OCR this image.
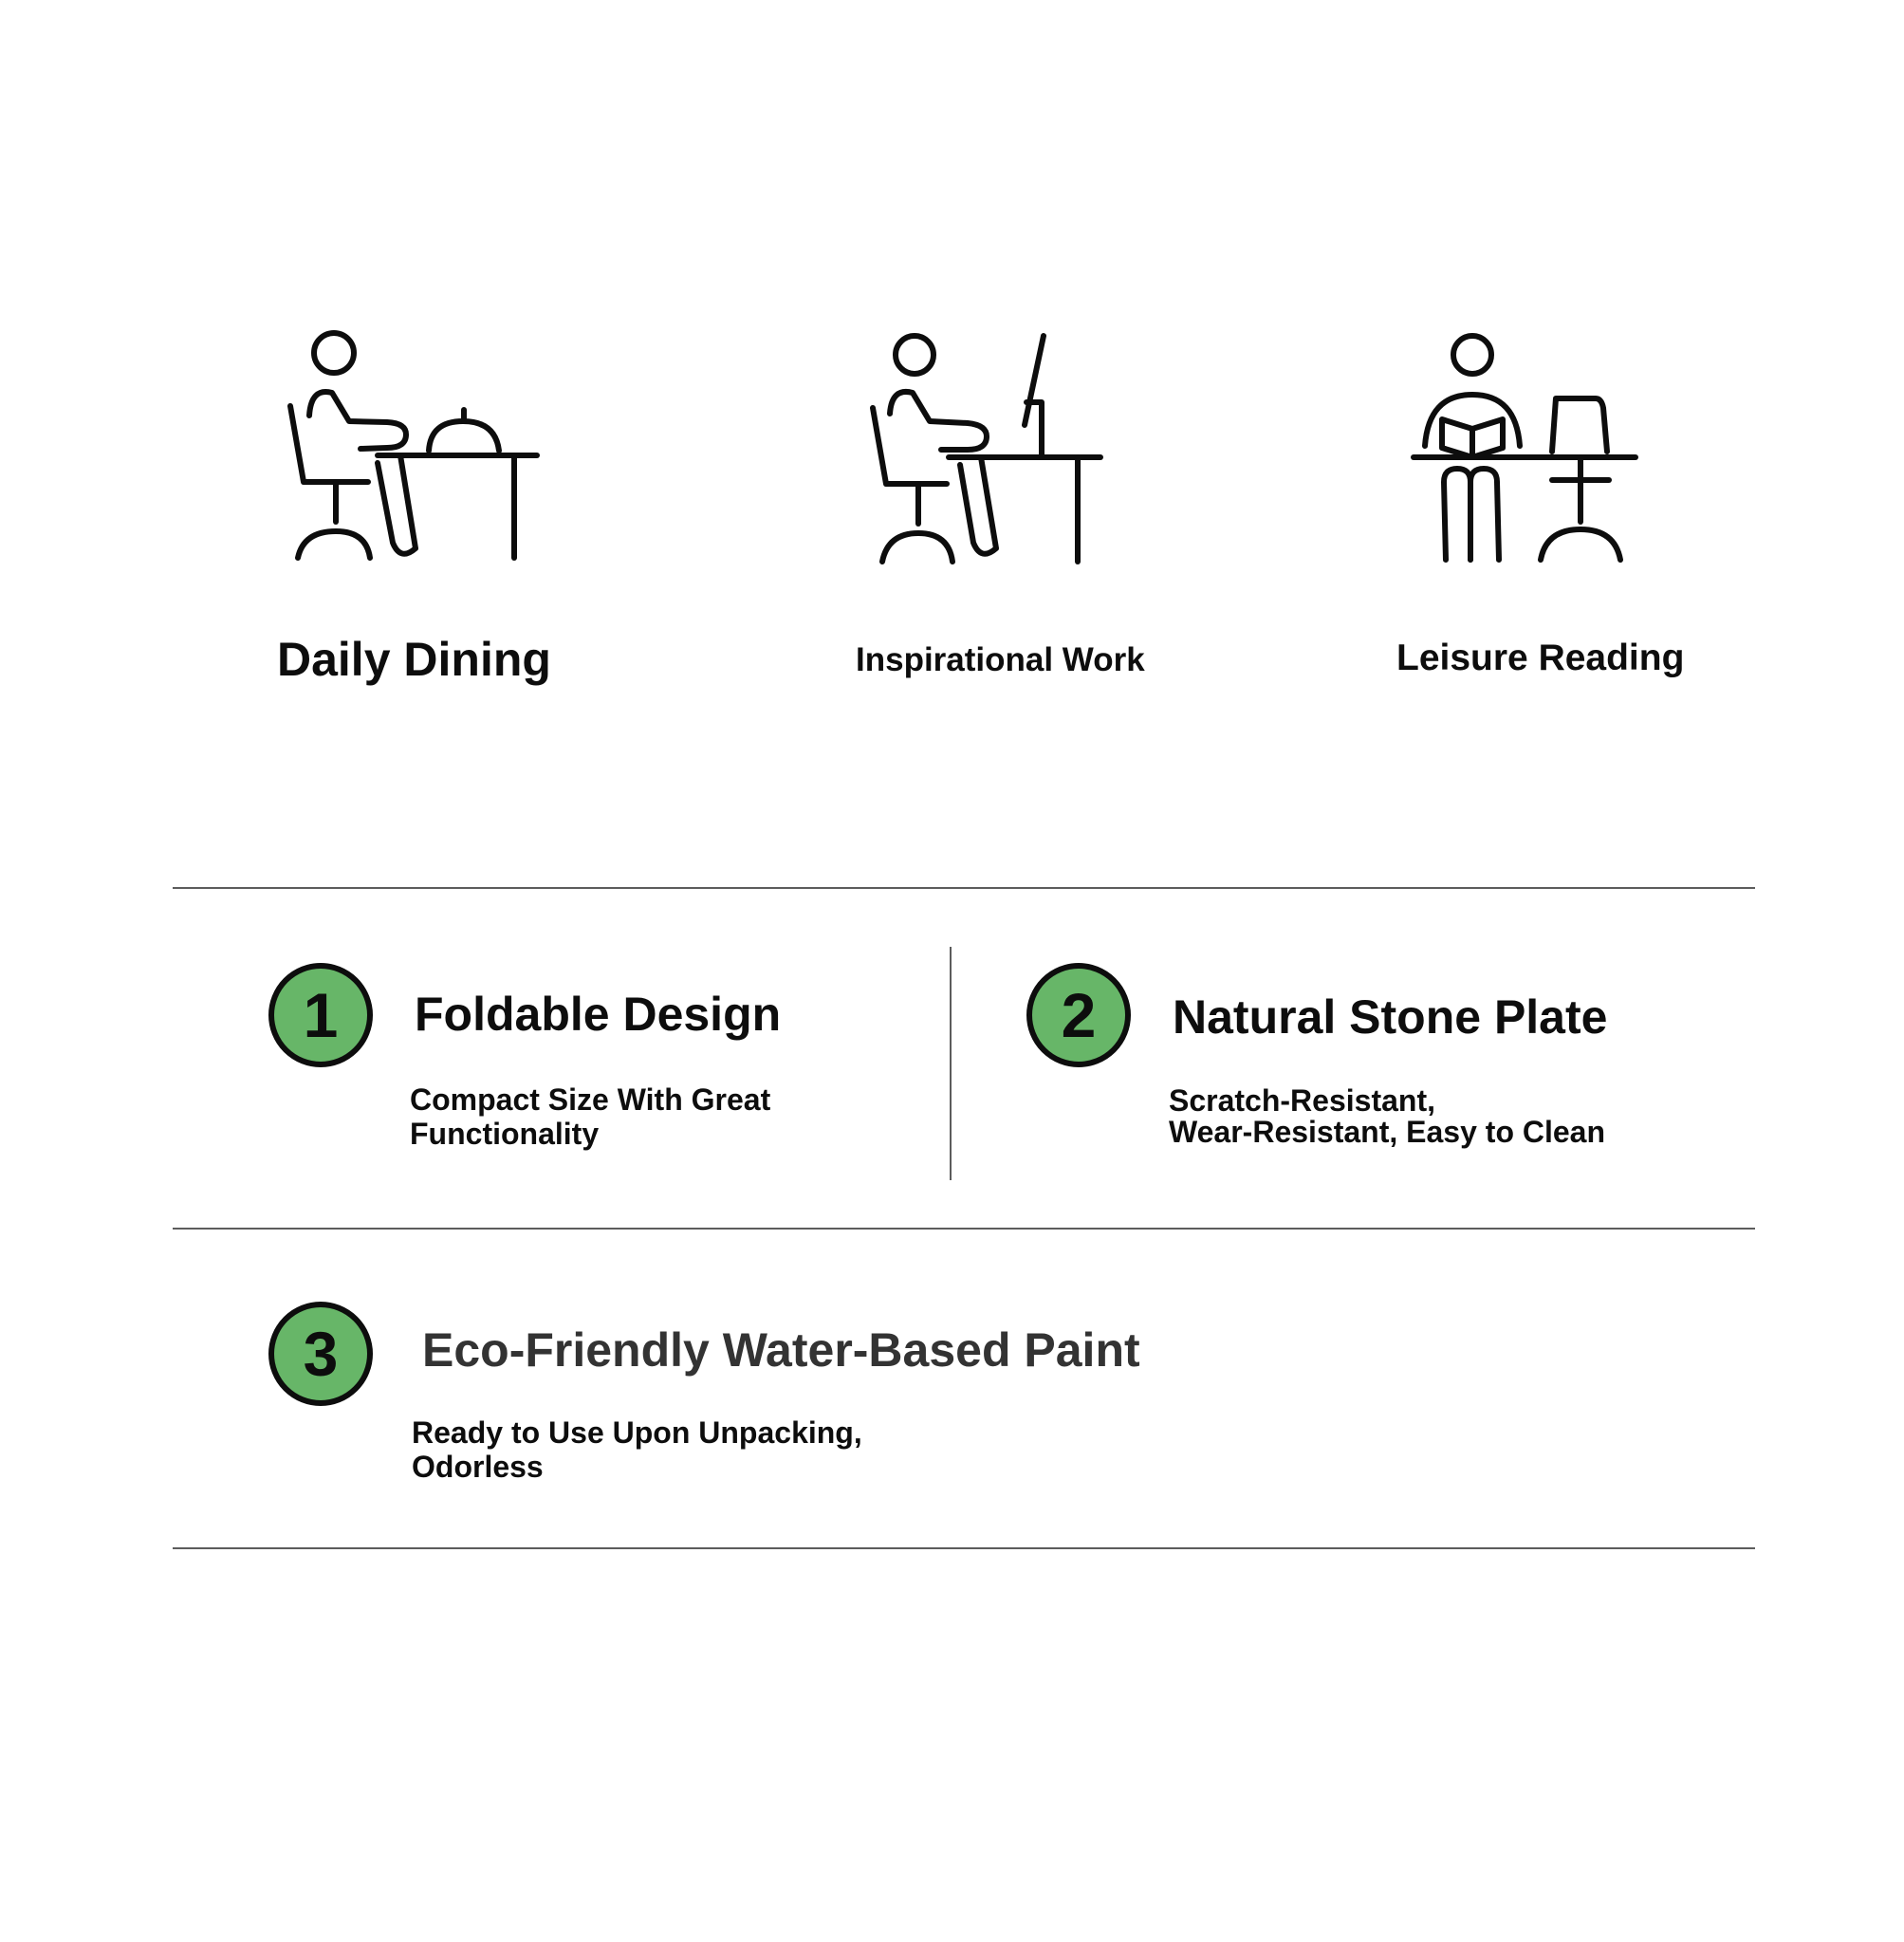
Daily Dining	Inspirational Work	Leisure Reading
1	Foldable Design
Compact Size With Great
Functionality
2	Natural Stone Plate
Scratch-Resistant,
Wear-Resistant, Easy to Clean
3	Eco-Friendly Water-Based Paint
Ready to Use Upon Unpacking,
Odorless
